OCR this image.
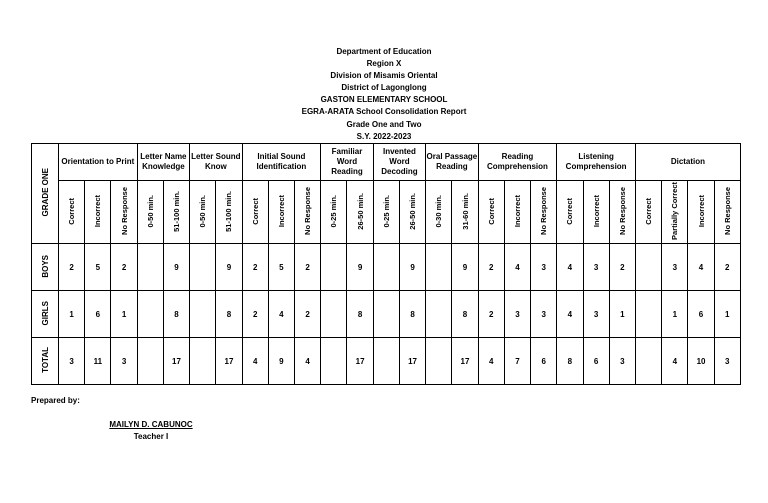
Department of Education
Region X
Division of Misamis Oriental
District of Lagonglong
GASTON ELEMENTARY SCHOOL
EGRA-ARATA School Consolidation Report
Grade One and Two
S.Y. 2022-2023
GRADE ONE	Orientation to Print			Letter Name Knowledge		Letter Sound Know		Initial Sound Identification			Familiar Word Reading		Invented Word Decoding		Oral Passage Reading		Reading Comprehension			Listening Comprehension			Dictation			
	Correct	Incorrect	No Response	0-50 min.	51-100 min.	0-50 min.	51-100 min.	Correct	Incorrect	No Response	0-25 min.	26-50 min.	0-25 min.	26-50 min.	0-30 min.	31-60 min.	Correct	Incorrect	No Response	Correct	Incorrect	No Response	Correct	Partially Correct	Incorrect	No Response
BOYS	2	5	2		9		9	2	5	2		9		9		9	2	4	3	4	3	2		3	4	2
GIRLS	1	6	1		8		8	2	4	2		8		8		8	2	3	3	4	3	1		1	6	1
TOTAL	3	11	3		17		17	4	9	4		17		17		17	4	7	6	8	6	3		4	10	3
Prepared by:
MAILYN D. CABUNOC
Teacher I
